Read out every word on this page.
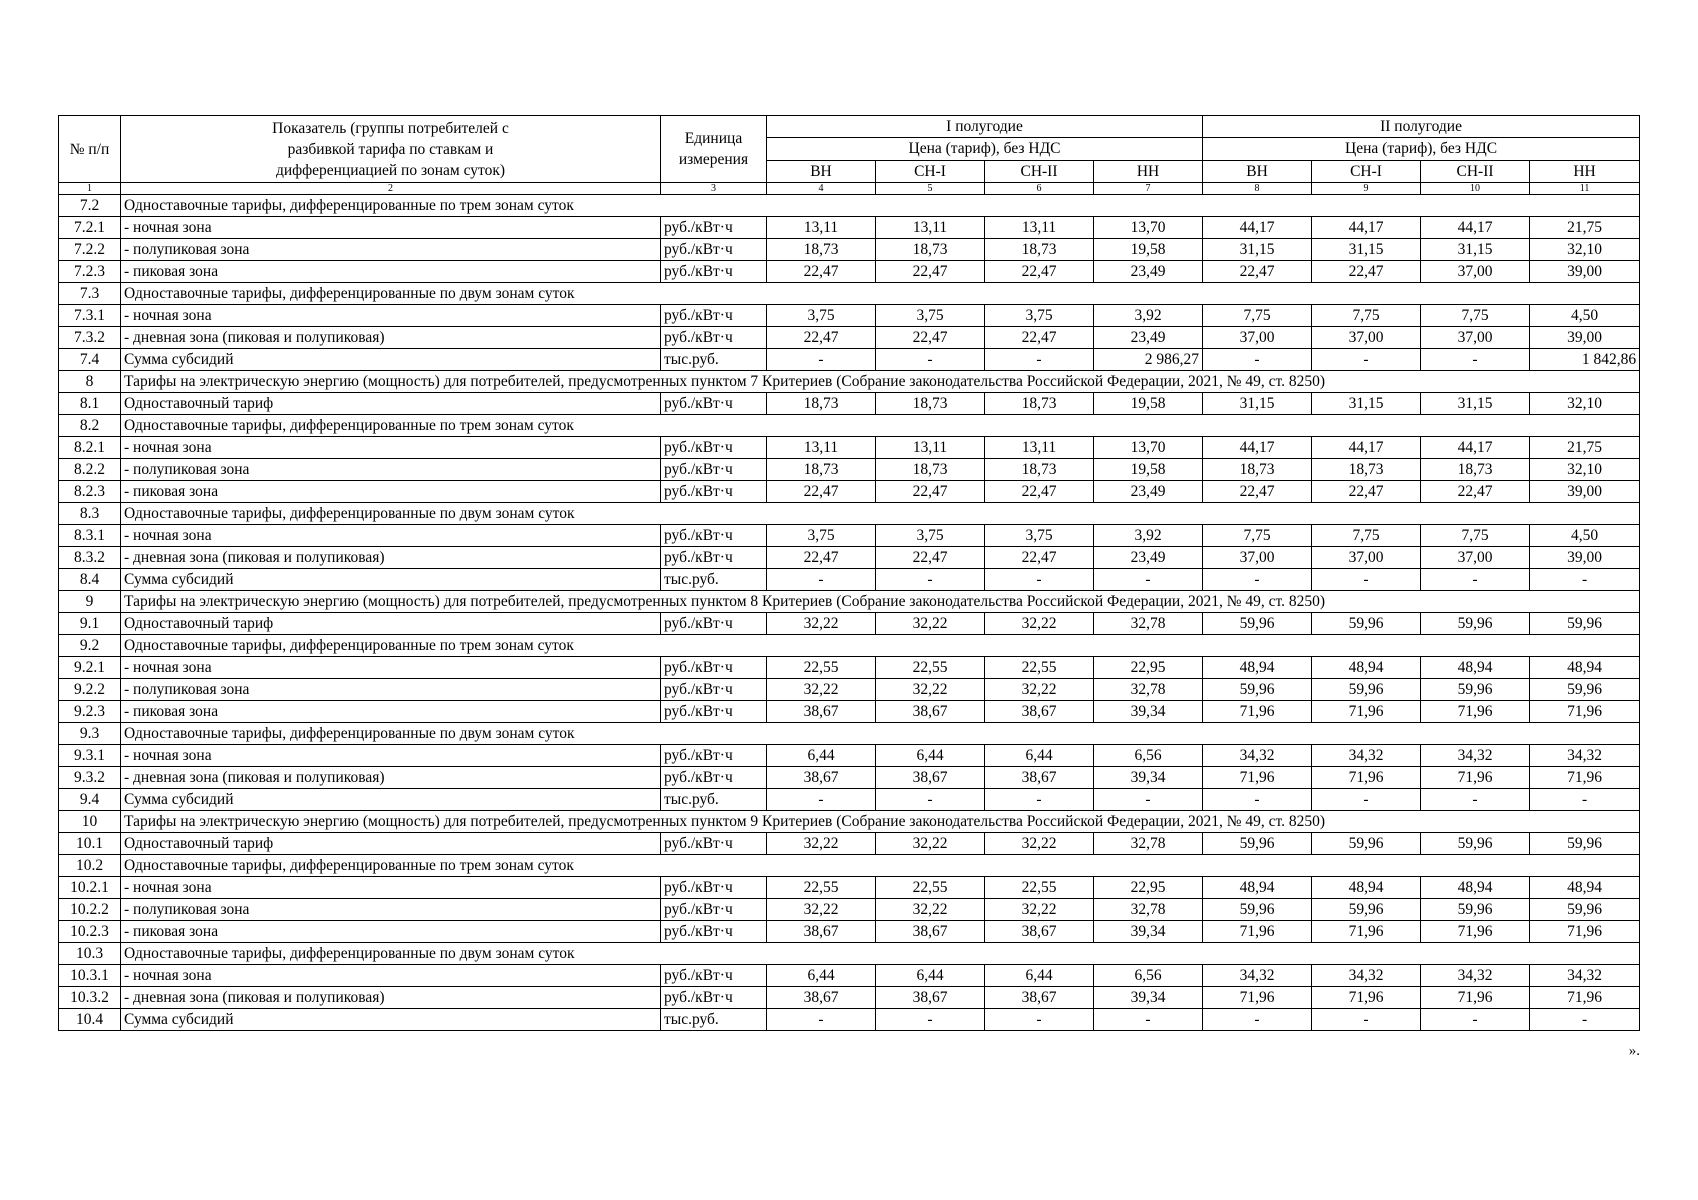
№ п/п	Показатель (группы потребителей с разбивкой тарифа по ставкам и дифференциацией по зонам суток)	Единица измерения	I полугодие				II полугодие			
			Цена (тариф), без НДС				Цена (тариф), без НДС			
			ВН	СН-I	СН-II	НН	ВН	СН-I	СН-II	НН
1	2	3	4	5	6	7	8	9	10	11
7.2	Одноставочные тарифы, дифференцированные по трем зонам суток									
7.2.1	- ночная зона	руб./кВт·ч	13,11	13,11	13,11	13,70	44,17	44,17	44,17	21,75
7.2.2	- полупиковая зона	руб./кВт·ч	18,73	18,73	18,73	19,58	31,15	31,15	31,15	32,10
7.2.3	- пиковая зона	руб./кВт·ч	22,47	22,47	22,47	23,49	22,47	22,47	37,00	39,00
7.3	Одноставочные тарифы, дифференцированные по двум зонам суток									
7.3.1	- ночная зона	руб./кВт·ч	3,75	3,75	3,75	3,92	7,75	7,75	7,75	4,50
7.3.2	- дневная зона (пиковая и полупиковая)	руб./кВт·ч	22,47	22,47	22,47	23,49	37,00	37,00	37,00	39,00
7.4	Сумма субсидий	тыс.руб.	-	-	-	2 986,27	-	-	-	1 842,86
8	Тарифы на электрическую энергию (мощность) для потребителей, предусмотренных пунктом 7 Критериев (Собрание законодательства Российской Федерации, 2021, № 49, ст. 8250)									
8.1	Одноставочный тариф	руб./кВт·ч	18,73	18,73	18,73	19,58	31,15	31,15	31,15	32,10
8.2	Одноставочные тарифы, дифференцированные по трем зонам суток									
8.2.1	- ночная зона	руб./кВт·ч	13,11	13,11	13,11	13,70	44,17	44,17	44,17	21,75
8.2.2	- полупиковая зона	руб./кВт·ч	18,73	18,73	18,73	19,58	18,73	18,73	18,73	32,10
8.2.3	- пиковая зона	руб./кВт·ч	22,47	22,47	22,47	23,49	22,47	22,47	22,47	39,00
8.3	Одноставочные тарифы, дифференцированные по двум зонам суток									
8.3.1	- ночная зона	руб./кВт·ч	3,75	3,75	3,75	3,92	7,75	7,75	7,75	4,50
8.3.2	- дневная зона (пиковая и полупиковая)	руб./кВт·ч	22,47	22,47	22,47	23,49	37,00	37,00	37,00	39,00
8.4	Сумма субсидий	тыс.руб.	-	-	-	-	-	-	-	-
9	Тарифы на электрическую энергию (мощность) для потребителей, предусмотренных пунктом 8 Критериев (Собрание законодательства Российской Федерации, 2021, № 49, ст. 8250)									
9.1	Одноставочный тариф	руб./кВт·ч	32,22	32,22	32,22	32,78	59,96	59,96	59,96	59,96
9.2	Одноставочные тарифы, дифференцированные по трем зонам суток									
9.2.1	- ночная зона	руб./кВт·ч	22,55	22,55	22,55	22,95	48,94	48,94	48,94	48,94
9.2.2	- полупиковая зона	руб./кВт·ч	32,22	32,22	32,22	32,78	59,96	59,96	59,96	59,96
9.2.3	- пиковая зона	руб./кВт·ч	38,67	38,67	38,67	39,34	71,96	71,96	71,96	71,96
9.3	Одноставочные тарифы, дифференцированные по двум зонам суток									
9.3.1	- ночная зона	руб./кВт·ч	6,44	6,44	6,44	6,56	34,32	34,32	34,32	34,32
9.3.2	- дневная зона (пиковая и полупиковая)	руб./кВт·ч	38,67	38,67	38,67	39,34	71,96	71,96	71,96	71,96
9.4	Сумма субсидий	тыс.руб.	-	-	-	-	-	-	-	-
10	Тарифы на электрическую энергию (мощность) для потребителей, предусмотренных пунктом 9 Критериев (Собрание законодательства Российской Федерации, 2021, № 49, ст. 8250)									
10.1	Одноставочный тариф	руб./кВт·ч	32,22	32,22	32,22	32,78	59,96	59,96	59,96	59,96
10.2	Одноставочные тарифы, дифференцированные по трем зонам суток									
10.2.1	- ночная зона	руб./кВт·ч	22,55	22,55	22,55	22,95	48,94	48,94	48,94	48,94
10.2.2	- полупиковая зона	руб./кВт·ч	32,22	32,22	32,22	32,78	59,96	59,96	59,96	59,96
10.2.3	- пиковая зона	руб./кВт·ч	38,67	38,67	38,67	39,34	71,96	71,96	71,96	71,96
10.3	Одноставочные тарифы, дифференцированные по двум зонам суток									
10.3.1	- ночная зона	руб./кВт·ч	6,44	6,44	6,44	6,56	34,32	34,32	34,32	34,32
10.3.2	- дневная зона (пиковая и полупиковая)	руб./кВт·ч	38,67	38,67	38,67	39,34	71,96	71,96	71,96	71,96
10.4	Сумма субсидий	тыс.руб.	-	-	-	-	-	-	-	-
».
